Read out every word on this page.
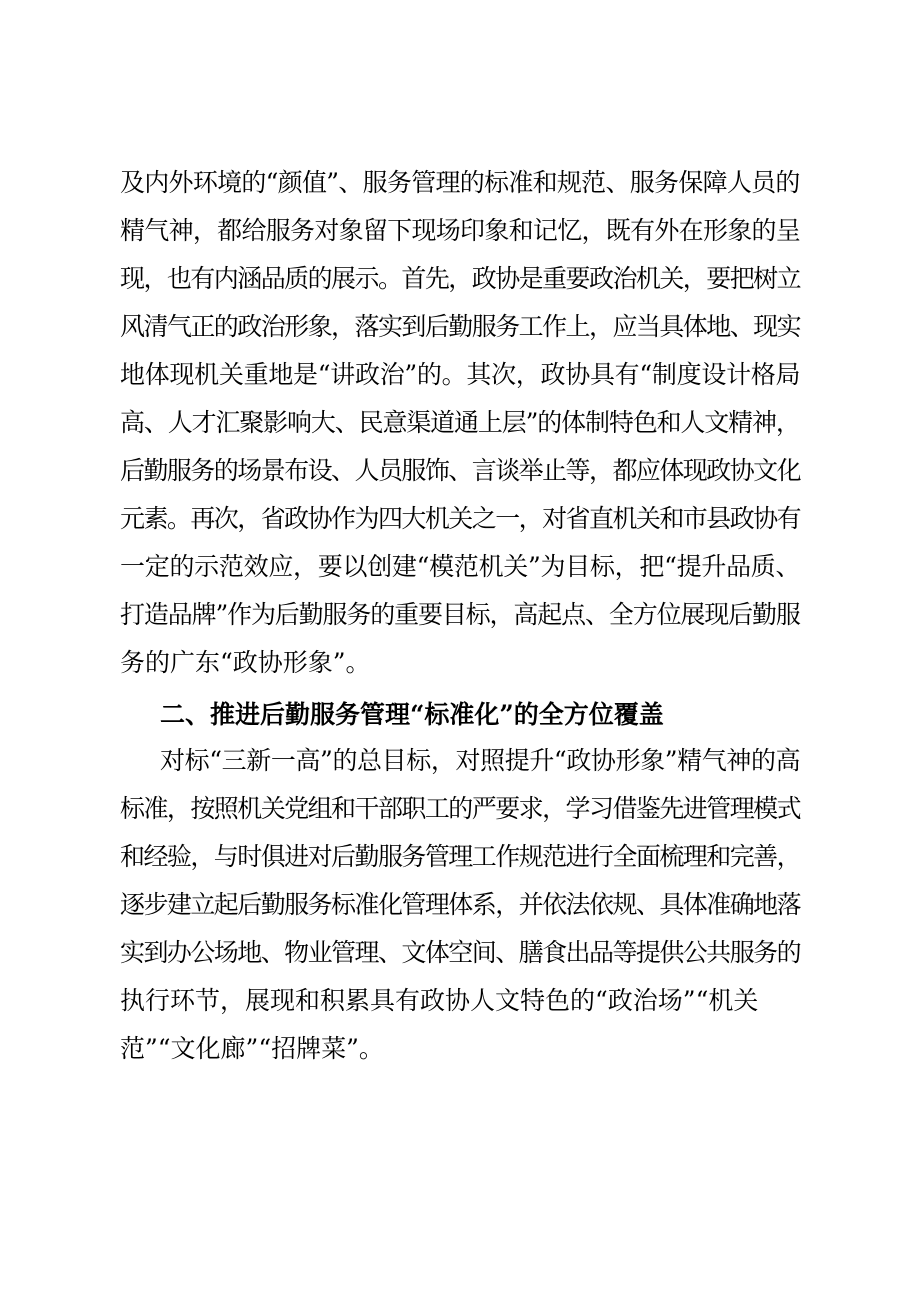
及内外环境的“颜值”、服务管理的标准和规范、服务保障人员的
精气神，都给服务对象留下现场印象和记忆，既有外在形象的呈
现，也有内涵品质的展示。首先，政协是重要政治机关，要把树立
风清气正的政治形象，落实到后勤服务工作上，应当具体地、现实
地体现机关重地是“讲政治”的。其次，政协具有“制度设计格局
高、人才汇聚影响大、民意渠道通上层”的体制特色和人文精神，
后勤服务的场景布设、人员服饰、言谈举止等，都应体现政协文化
元素。再次，省政协作为四大机关之一，对省直机关和市县政协有
一定的示范效应，要以创建“模范机关”为目标，把“提升品质、
打造品牌”作为后勤服务的重要目标，高起点、全方位展现后勤服
务的广东“政协形象”。
二、推进后勤服务管理“标准化”的全方位覆盖
对标“三新一高”的总目标，对照提升“政协形象”精气神的高
标准，按照机关党组和干部职工的严要求，学习借鉴先进管理模式
和经验，与时俱进对后勤服务管理工作规范进行全面梳理和完善，
逐步建立起后勤服务标准化管理体系，并依法依规、具体准确地落
实到办公场地、物业管理、文体空间、膳食出品等提供公共服务的
执行环节，展现和积累具有政协人文特色的“政治场”“机关
范”“文化廊”“招牌菜”。
